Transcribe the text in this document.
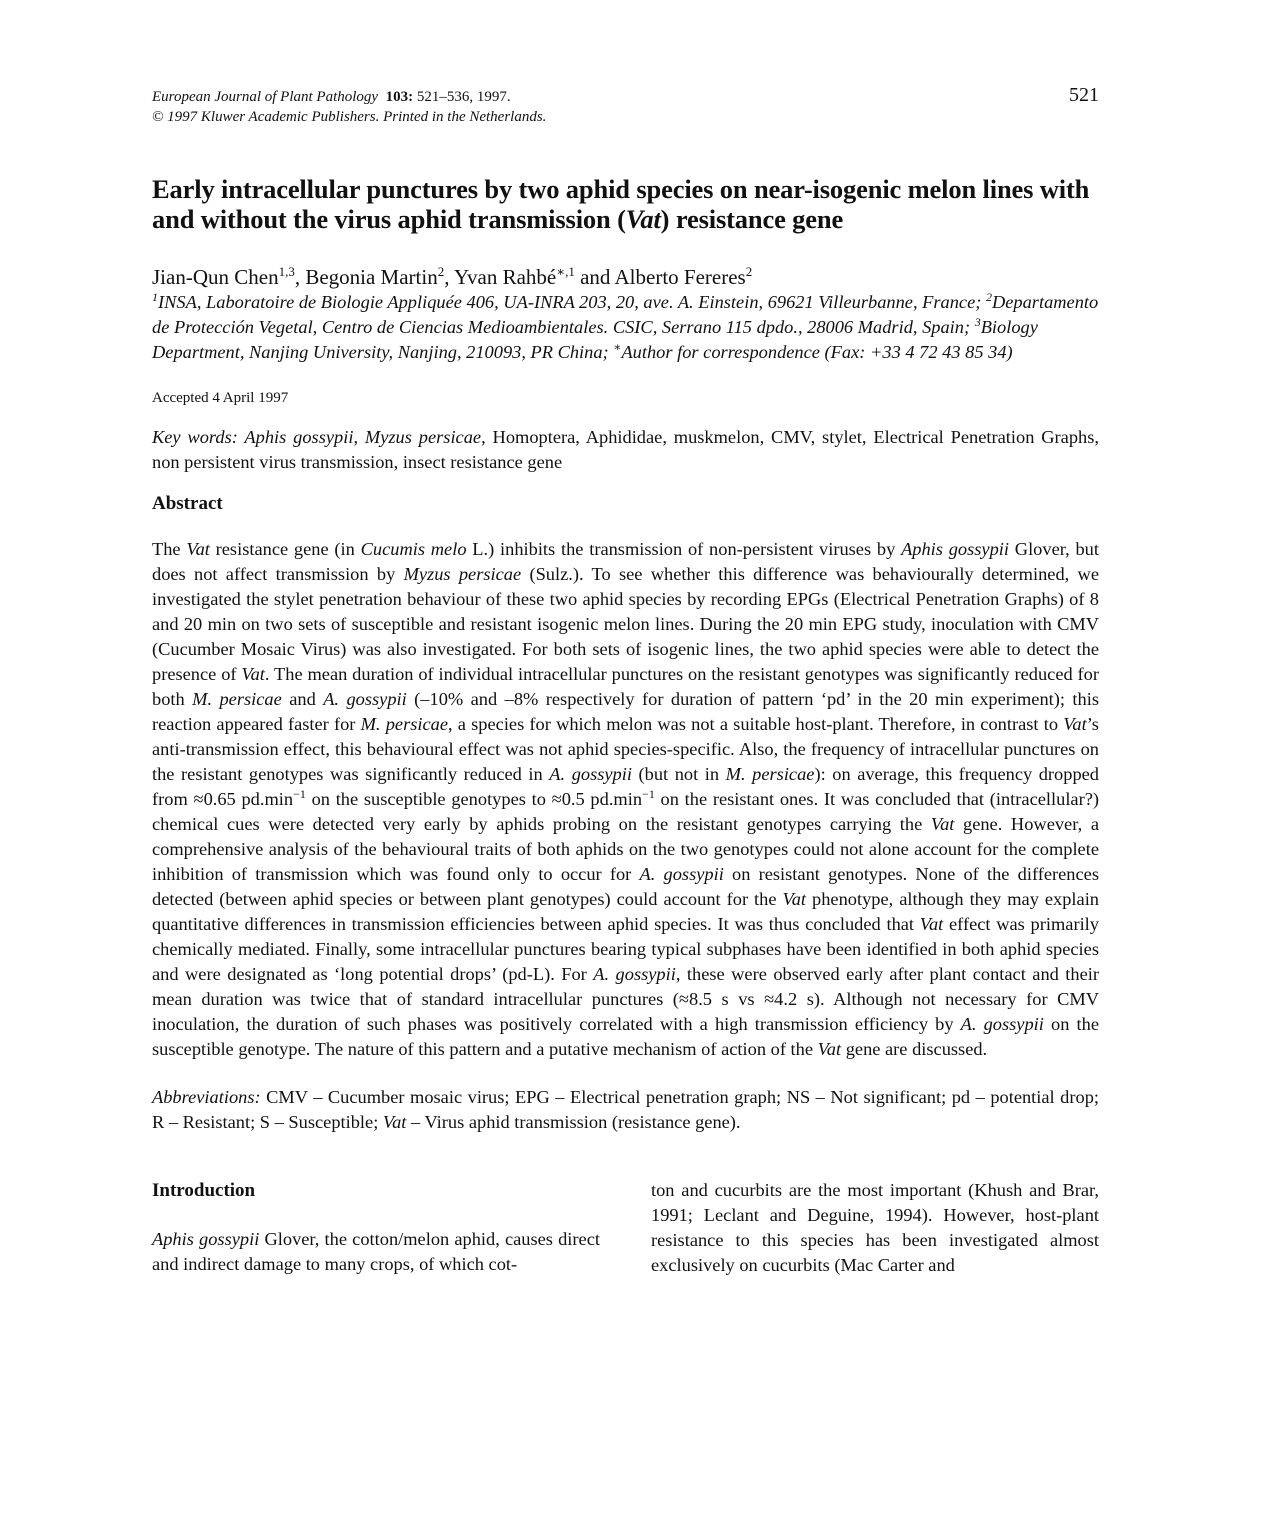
European Journal of Plant Pathology 103: 521–536, 1997.
© 1997 Kluwer Academic Publishers. Printed in the Netherlands.
521
Early intracellular punctures by two aphid species on near-isogenic melon lines with and without the virus aphid transmission (Vat) resistance gene
Jian-Qun Chen$^{1,3}$, Begonia Martin$^2$, Yvan Rahbé$^{∗,1}$ and Alberto Fereres$^2$
$^1$INSA, Laboratoire de Biologie Appliquée 406, UA-INRA 203, 20, ave. A. Einstein, 69621 Villeurbanne, France; $^2$Departamento de Protección Vegetal, Centro de Ciencias Medioambientales. CSIC, Serrano 115 dpdo., 28006 Madrid, Spain; $^3$Biology Department, Nanjing University, Nanjing, 210093, PR China; ∗Author for correspondence (Fax: +33 4 72 43 85 34)
Accepted 4 April 1997
Key words: Aphis gossypii, Myzus persicae, Homoptera, Aphididae, muskmelon, CMV, stylet, Electrical Penetration Graphs, non persistent virus transmission, insect resistance gene
Abstract
The Vat resistance gene (in Cucumis melo L.) inhibits the transmission of non-persistent viruses by Aphis gossypii Glover, but does not affect transmission by Myzus persicae (Sulz.). To see whether this difference was behaviourally determined, we investigated the stylet penetration behaviour of these two aphid species by recording EPGs (Electrical Penetration Graphs) of 8 and 20 min on two sets of susceptible and resistant isogenic melon lines. During the 20 min EPG study, inoculation with CMV (Cucumber Mosaic Virus) was also investigated. For both sets of isogenic lines, the two aphid species were able to detect the presence of Vat. The mean duration of individual intracellular punctures on the resistant genotypes was significantly reduced for both M. persicae and A. gossypii (–10% and –8% respectively for duration of pattern ‘pd’ in the 20 min experiment); this reaction appeared faster for M. persicae, a species for which melon was not a suitable host-plant. Therefore, in contrast to Vat’s anti-transmission effect, this behavioural effect was not aphid species-specific. Also, the frequency of intracellular punctures on the resistant genotypes was significantly reduced in A. gossypii (but not in M. persicae): on average, this frequency dropped from ≈0.65 $pd.\min^{-1}$ on the susceptible genotypes to ≈0.5 $pd.\min^{-1}$ on the resistant ones. It was concluded that (intracellular?) chemical cues were detected very early by aphids probing on the resistant genotypes carrying the Vat gene. However, a comprehensive analysis of the behavioural traits of both aphids on the two genotypes could not alone account for the complete inhibition of transmission which was found only to occur for A. gossypii on resistant genotypes. None of the differences detected (between aphid species or between plant genotypes) could account for the Vat phenotype, although they may explain quantitative differences in transmission efficiencies between aphid species. It was thus concluded that Vat effect was primarily chemically mediated. Finally, some intracellular punctures bearing typical subphases have been identified in both aphid species and were designated as ‘long potential drops’ (pd-L). For A. gossypii, these were observed early after plant contact and their mean duration was twice that of standard intracellular punctures (≈8.5 s vs ≈4.2 s). Although not necessary for CMV inoculation, the duration of such phases was positively correlated with a high transmission efficiency by A. gossypii on the susceptible genotype. The nature of this pattern and a putative mechanism of action of the Vat gene are discussed.
Abbreviations: CMV – Cucumber mosaic virus; EPG – Electrical penetration graph; NS – Not significant; pd – potential drop; R – Resistant; S – Susceptible; Vat – Virus aphid transmission (resistance gene).
Introduction
Aphis gossypii Glover, the cotton/melon aphid, causes direct and indirect damage to many crops, of which cot-
ton and cucurbits are the most important (Khush and Brar, 1991; Leclant and Deguine, 1994). However, host-plant resistance to this species has been investigated almost exclusively on cucurbits (Mac Carter and
